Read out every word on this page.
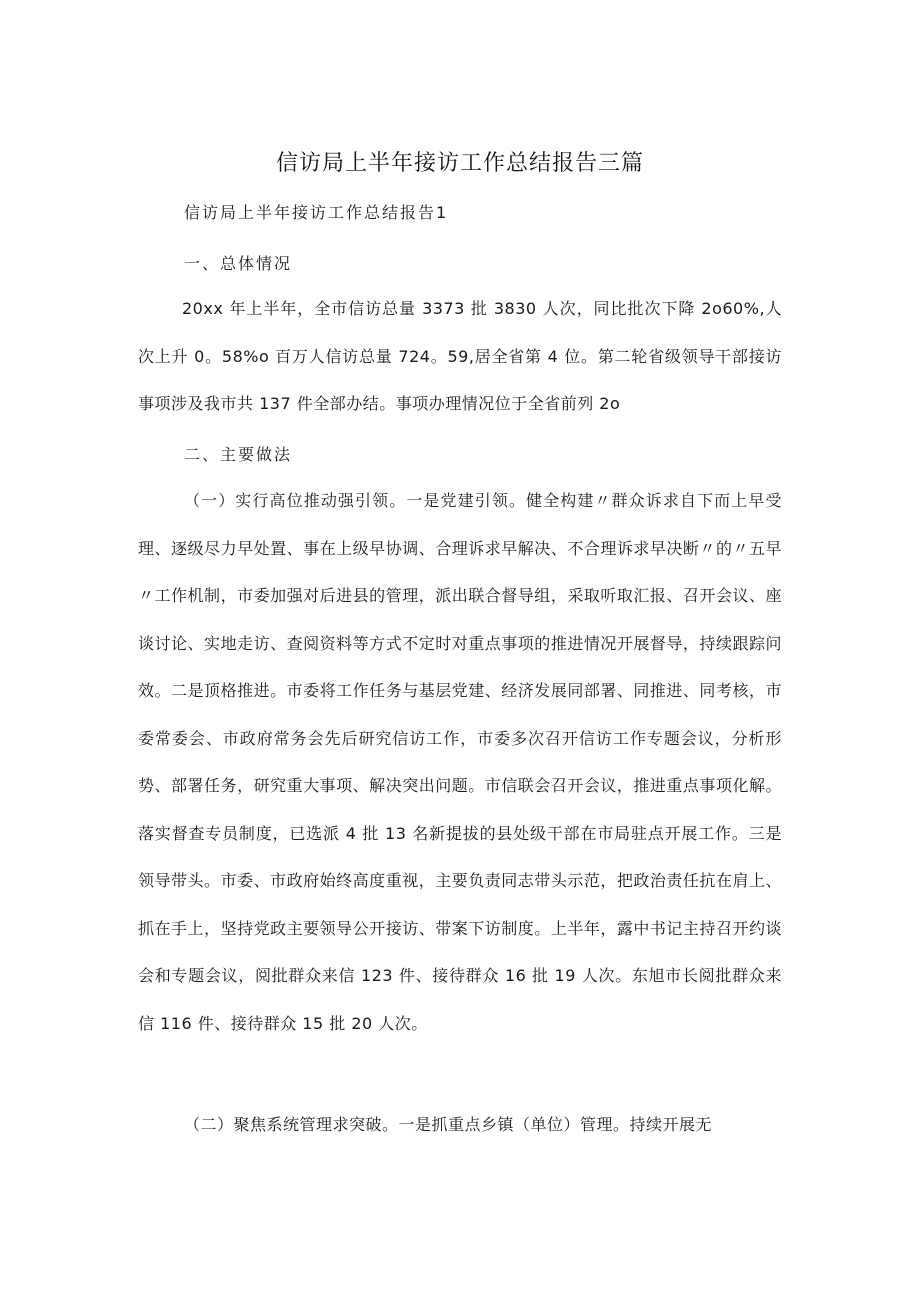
信访局上半年接访工作总结报告三篇

信访局上半年接访工作总结报告1

一、总体情况

20xx 年上半年，全市信访总量 3373 批 3830 人次，同比批次下降 2o60%,人次上升 0。58%o 百万人信访总量 724。59,居全省第 4 位。第二轮省级领导干部接访事项涉及我市共 137 件全部办结。事项办理情况位于全省前列 2o

二、主要做法

（一）实行高位推动强引领。一是党建引领。健全构建〃群众诉求自下而上早受理、逐级尽力早处置、事在上级早协调、合理诉求早解决、不合理诉求早决断〃的〃五早〃工作机制，市委加强对后进县的管理，派出联合督导组，采取听取汇报、召开会议、座谈讨论、实地走访、查阅资料等方式不定时对重点事项的推进情况开展督导，持续跟踪问效。二是顶格推进。市委将工作任务与基层党建、经济发展同部署、同推进、同考核，市委常委会、市政府常务会先后研究信访工作，市委多次召开信访工作专题会议，分析形势、部署任务，研究重大事项、解决突出问题。市信联会召开会议，推进重点事项化解。落实督查专员制度，已选派 4 批 13 名新提拔的县处级干部在市局驻点开展工作。三是领导带头。市委、市政府始终高度重视，主要负责同志带头示范，把政治责任抗在肩上、抓在手上，坚持党政主要领导公开接访、带案下访制度。上半年，露中书记主持召开约谈会和专题会议，阅批群众来信 123 件、接待群众 16 批 19 人次。东旭市长阅批群众来信 116 件、接待群众 15 批 20 人次。

（二）聚焦系统管理求突破。一是抓重点乡镇（单位）管理。持续开展无
